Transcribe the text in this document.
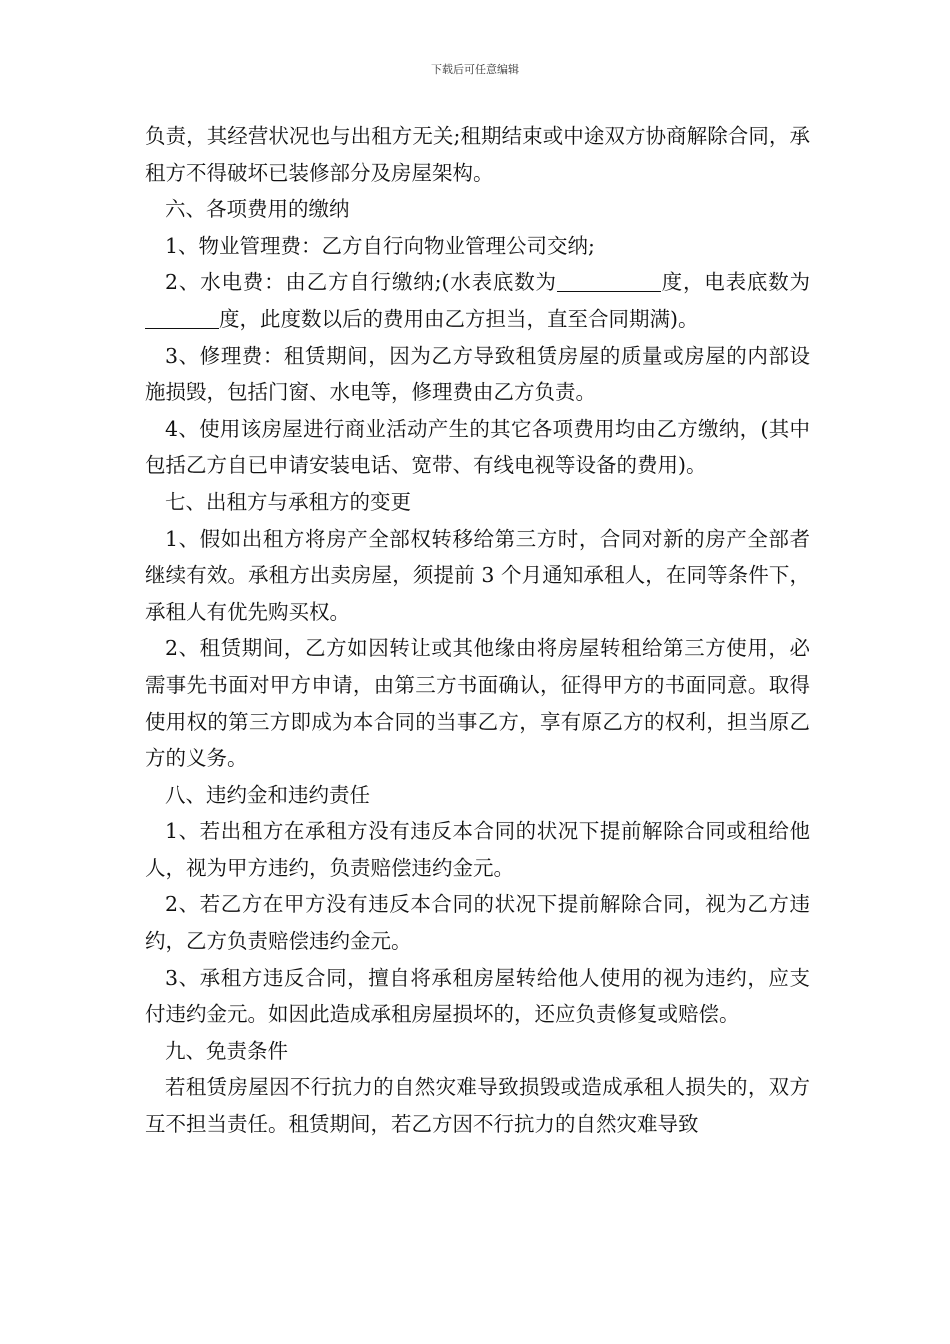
下载后可任意编辑

负责，其经营状况也与出租方无关;租期结束或中途双方协商解除合同，承租方不得破坏已装修部分及房屋架构。

六、各项费用的缴纳

1、物业管理费：乙方自行向物业管理公司交纳;

2、水电费：由乙方自行缴纳;(水表底数为	度，电表底数为度，此度数以后的费用由乙方担当，直至合同期满)。

3、修理费：租赁期间，因为乙方导致租赁房屋的质量或房屋的内部设施损毁，包括门窗、水电等，修理费由乙方负责。

4、使用该房屋进行商业活动产生的其它各项费用均由乙方缴纳，(其中包括乙方自已申请安装电话、宽带、有线电视等设备的费用)。

七、出租方与承租方的变更

1、假如出租方将房产全部权转移给第三方时，合同对新的房产全部者继续有效。承租方出卖房屋，须提前 3 个月通知承租人，在同等条件下，承租人有优先购买权。

2、租赁期间，乙方如因转让或其他缘由将房屋转租给第三方使用，必需事先书面对甲方申请，由第三方书面确认，征得甲方的书面同意。取得使用权的第三方即成为本合同的当事乙方，享有原乙方的权利，担当原乙方的义务。

八、违约金和违约责任

1、若出租方在承租方没有违反本合同的状况下提前解除合同或租给他人，视为甲方违约，负责赔偿违约金元。

2、若乙方在甲方没有违反本合同的状况下提前解除合同，视为乙方违约，乙方负责赔偿违约金元。

3、承租方违反合同，擅自将承租房屋转给他人使用的视为违约，应支付违约金元。如因此造成承租房屋损坏的，还应负责修复或赔偿。

九、免责条件

若租赁房屋因不行抗力的自然灾难导致损毁或造成承租人损失的，双方互不担当责任。租赁期间，若乙方因不行抗力的自然灾难导致
